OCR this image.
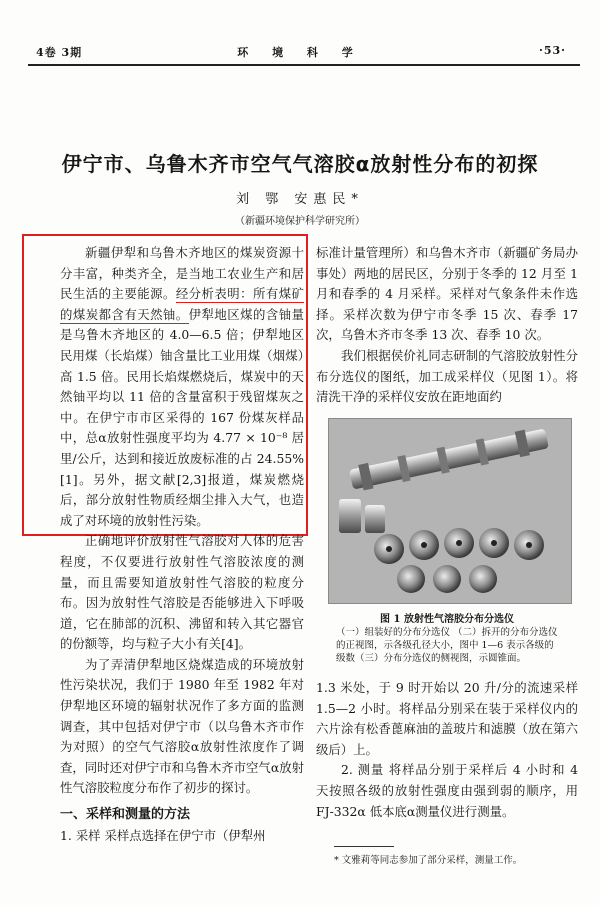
4卷 3期	环 境 科 学	·53·
伊宁市、乌鲁木齐市空气气溶胶α放射性分布的初探
刘 鄂 安惠民*
（新疆环境保护科学研究所）

新疆伊犁和乌鲁木齐地区的煤炭资源十分丰富，种类齐全，是当地工农业生产和居民生活的主要能源。经分析表明：所有煤矿的煤炭都含有天然铀。伊犁地区煤的含铀量是乌鲁木齐地区的 4.0—6.5 倍；伊犁地区民用煤（长焰煤）铀含量比工业用煤（烟煤）高 1.5 倍。民用长焰煤燃烧后，煤炭中的天然铀平均以 11 倍的含量富积于残留煤灰之中。在伊宁市市区采得的 167 份煤灰样品中，总α放射性强度平均为 4.77 × 10⁻⁸ 居里/公斤，达到和接近放废标准的占 24.55%[1]。另外，据文献[2,3]报道，煤炭燃烧后，部分放射性物质经烟尘排入大气，也造成了对环境的放射性污染。

正确地评价放射性气溶胶对人体的危害程度，不仅要进行放射性气溶胶浓度的测量，而且需要知道放射性气溶胶的粒度分布。因为放射性气溶胶是否能够进入下呼吸道，它在肺部的沉积、沸留和转入其它器官的份额等，均与粒子大小有关[4]。

为了弄清伊犁地区烧煤造成的环境放射性污染状况，我们于 1980 年至 1982 年对伊犁地区环境的辐射状况作了多方面的监测调查，其中包括对伊宁市（以乌鲁木齐市作为对照）的空气气溶胶α放射性浓度作了调查，同时还对伊宁市和乌鲁木齐市空气α放射性气溶胶粒度分布作了初步的探讨。

一、采样和测量的方法

1. 采样 采样点选择在伊宁市（伊犁州

标准计量管理所）和乌鲁木齐市（新疆矿务局办事处）两地的居民区，分别于冬季的 12 月至 1 月和春季的 4 月采样。采样对气象条件未作选择。采样次数为伊宁市冬季 15 次、春季 17 次，乌鲁木齐市冬季 13 次、春季 10 次。

我们根据侯价礼同志研制的气溶胶放射性分布分选仪的图纸，加工成采样仪（见图 1）。将清洗干净的采样仪安放在距地面约

图 1 放射性气溶胶分布分选仪
（一）组装好的分布分选仪 （二）拆开的分布分选仪的正视图，示各级孔径大小，图中 1—6 表示各级的级数（三）分布分选仪的侧视图，示圆锥面。

1.3 米处，于 9 时开始以 20 升/分的流速采样 1.5—2 小时。将样品分别采在装于采样仪内的六片涂有松香蓖麻油的盖玻片和滤膜（放在第六级后）上。

2. 测量 将样品分别于采样后 4 小时和 4 天按照各级的放射性强度由强到弱的顺序，用 FJ-332α 低本底α测量仪进行测量。

* 文雅莉等同志参加了部分采样，测量工作。
